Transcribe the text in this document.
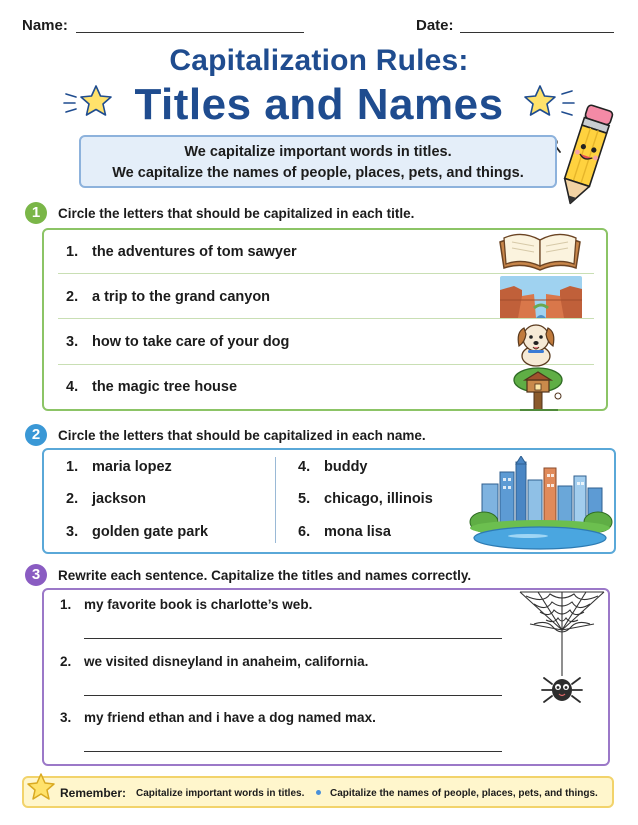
Name:	Date:
Capitalization Rules:
Titles and Names
We capitalize important words in titles.
We capitalize the names of people, places, pets, and things.
1	Circle the letters that should be capitalized in each title.
1. the adventures of tom sawyer
2. a trip to the grand canyon
3. how to take care of your dog
4. the magic tree house
2	Circle the letters that should be capitalized in each name.
1. maria lopez
2. jackson
3. golden gate park
4. buddy
5. chicago, illinois
6. mona lisa
3	Rewrite each sentence. Capitalize the titles and names correctly.
1. my favorite book is charlotte’s web.
2. we visited disneyland in anaheim, california.
3. my friend ethan and i have a dog named max.
Remember: Capitalize important words in titles.	Capitalize the names of people, places, pets, and things.
